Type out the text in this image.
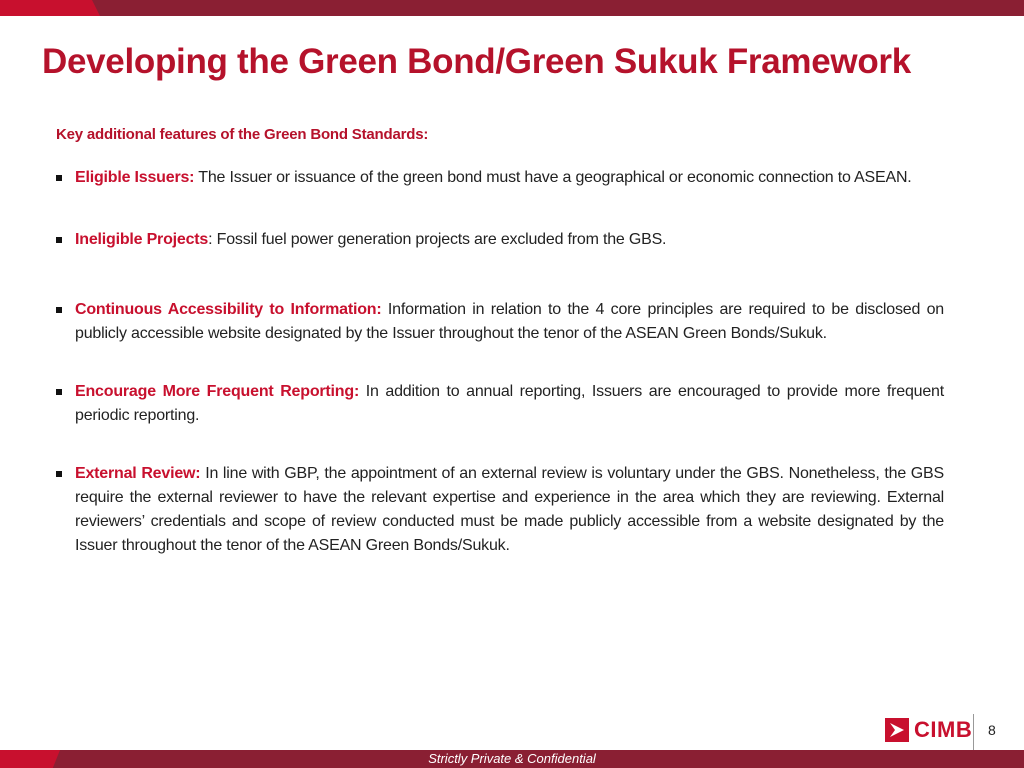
Developing the Green Bond/Green Sukuk Framework

Key additional features of the Green Bond Standards:

Eligible Issuers: The Issuer or issuance of the green bond must have a geographical or economic connection to ASEAN.
Ineligible Projects: Fossil fuel power generation projects are excluded from the GBS.
Continuous Accessibility to Information: Information in relation to the 4 core principles are required to be disclosed on publicly accessible website designated by the Issuer throughout the tenor of the ASEAN Green Bonds/Sukuk.
Encourage More Frequent Reporting: In addition to annual reporting, Issuers are encouraged to provide more frequent periodic reporting.
External Review: In line with GBP, the appointment of an external review is voluntary under the GBS. Nonetheless, the GBS require the external reviewer to have the relevant expertise and experience in the area which they are reviewing. External reviewers’ credentials and scope of review conducted must be made publicly accessible from a website designated by the Issuer throughout the tenor of the ASEAN Green Bonds/Sukuk.
CIMB 8
Strictly Private & Confidential
